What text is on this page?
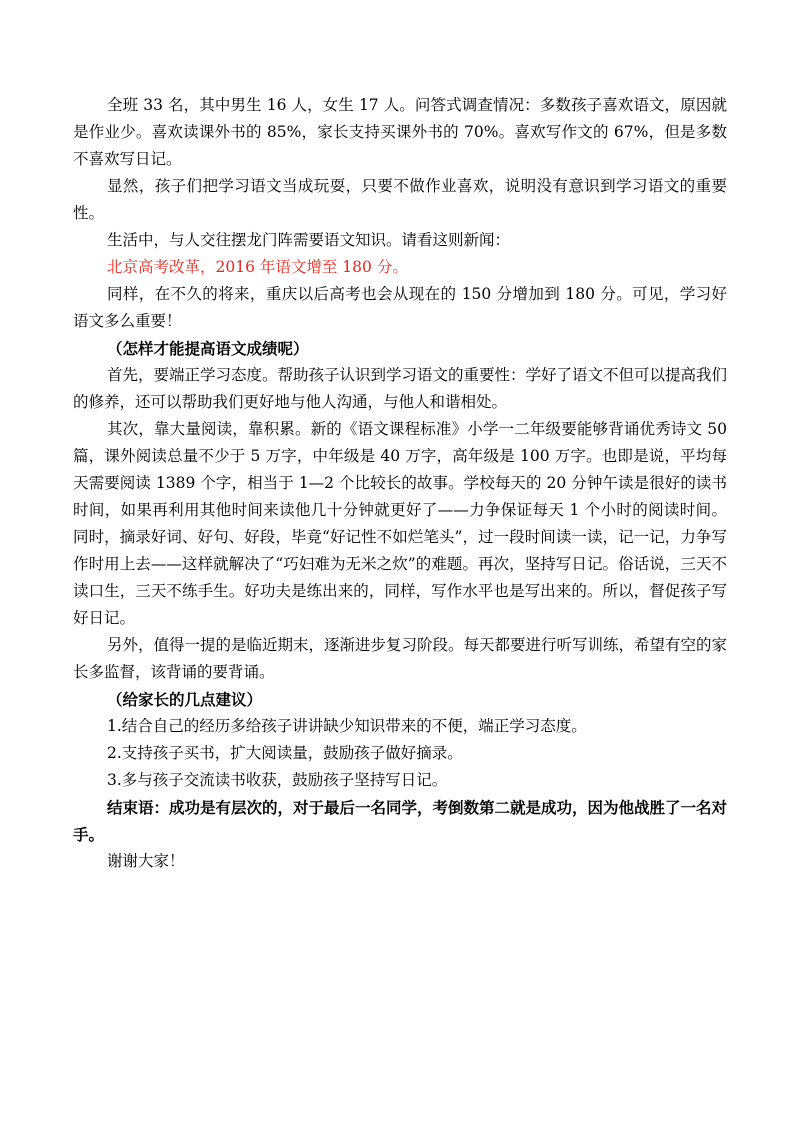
全班 33 名，其中男生 16 人，女生 17 人。问答式调查情况：多数孩子喜欢语文，原因就是作业少。喜欢读课外书的 85%，家长支持买课外书的 70%。喜欢写作文的 67%，但是多数不喜欢写日记。

显然，孩子们把学习语文当成玩耍，只要不做作业喜欢，说明没有意识到学习语文的重要性。

生活中，与人交往摆龙门阵需要语文知识。请看这则新闻：

北京高考改革，2016 年语文增至 180 分。

同样，在不久的将来，重庆以后高考也会从现在的 150 分增加到 180 分。可见，学习好语文多么重要！

（怎样才能提高语文成绩呢）

首先，要端正学习态度。帮助孩子认识到学习语文的重要性：学好了语文不但可以提高我们的修养，还可以帮助我们更好地与他人沟通，与他人和谐相处。

其次，靠大量阅读，靠积累。新的《语文课程标准》小学一二年级要能够背诵优秀诗文 50 篇，课外阅读总量不少于 5 万字，中年级是 40 万字，高年级是 100 万字。也即是说，平均每天需要阅读 1389 个字，相当于 1—2 个比较长的故事。学校每天的 20 分钟午读是很好的读书时间，如果再利用其他时间来读他几十分钟就更好了——力争保证每天 1 个小时的阅读时间。同时，摘录好词、好句、好段，毕竟“好记性不如烂笔头”，过一段时间读一读，记一记，力争写作时用上去——这样就解决了“巧妇难为无米之炊”的难题。再次，坚持写日记。俗话说，三天不读口生，三天不练手生。好功夫是练出来的，同样，写作水平也是写出来的。所以，督促孩子写好日记。

另外，值得一提的是临近期末，逐渐进步复习阶段。每天都要进行听写训练，希望有空的家长多监督，该背诵的要背诵。

（给家长的几点建议）

1.结合自己的经历多给孩子讲讲缺少知识带来的不便，端正学习态度。

2.支持孩子买书，扩大阅读量，鼓励孩子做好摘录。

3.多与孩子交流读书收获，鼓励孩子坚持写日记。

结束语：成功是有层次的，对于最后一名同学，考倒数第二就是成功，因为他战胜了一名对手。

谢谢大家！
